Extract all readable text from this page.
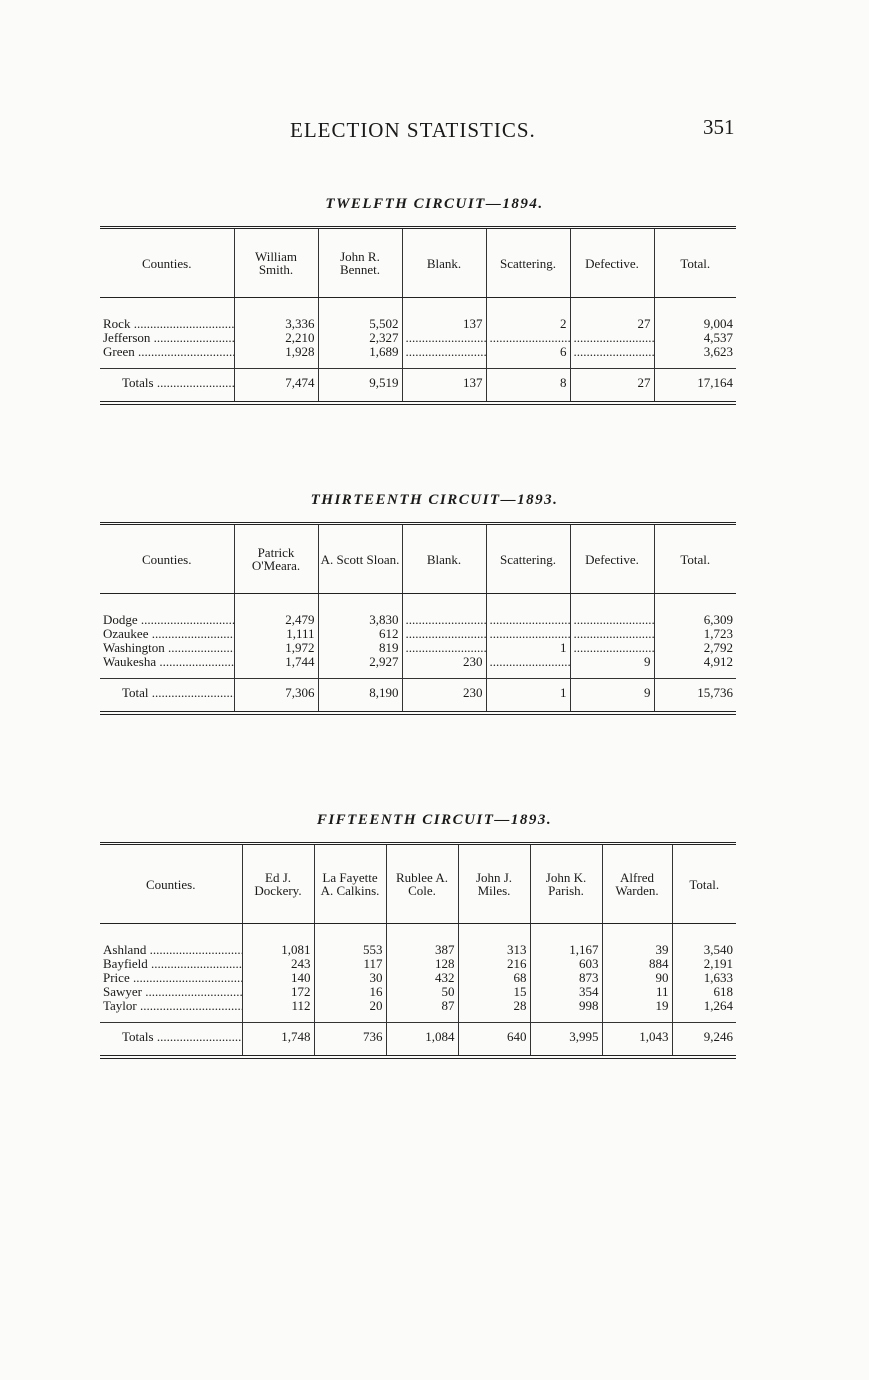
ELECTION STATISTICS.	351
TWELFTH CIRCUIT—1894.
Counties.	William Smith.	John R. Bennet.	Blank.	Scattering.	Defective.	Total.
Rock .....	3,336	5,502	137	2	27	9,004
Jefferson .....	2,210	2,327	.....	.....	.....	4,537
Green .....	1,928	1,689	.....	6	.....	3,623
Totals .....	7,474	9,519	137	8	27	17,164
THIRTEENTH CIRCUIT—1893.
Counties.	Patrick O'Meara.	A. Scott Sloan.	Blank.	Scattering.	Defective.	Total.
Dodge .....	2,479	3,830	.....	.....	.....	6,309
Ozaukee .....	1,111	612	.....	.....	.....	1,723
Washington .....	1,972	819	.....	1	.....	2,792
Waukesha .....	1,744	2,927	230	.....	9	4,912
Total .....	7,306	8,190	230	1	9	15,736
FIFTEENTH CIRCUIT—1893.
Counties.	Ed J. Dockery.	La Fayette A. Calkins.	Rublee A. Cole.	John J. Miles.	John K. Parish.	Alfred Warden.	Total.
Ashland .....	1,081	553	387	313	1,167	39	3,540
Bayfield .....	243	117	128	216	603	884	2,191
Price .....	140	30	432	68	873	90	1,633
Sawyer .....	172	16	50	15	354	11	618
Taylor .....	112	20	87	28	998	19	1,264
Totals .....	1,748	736	1,084	640	3,995	1,043	9,246
